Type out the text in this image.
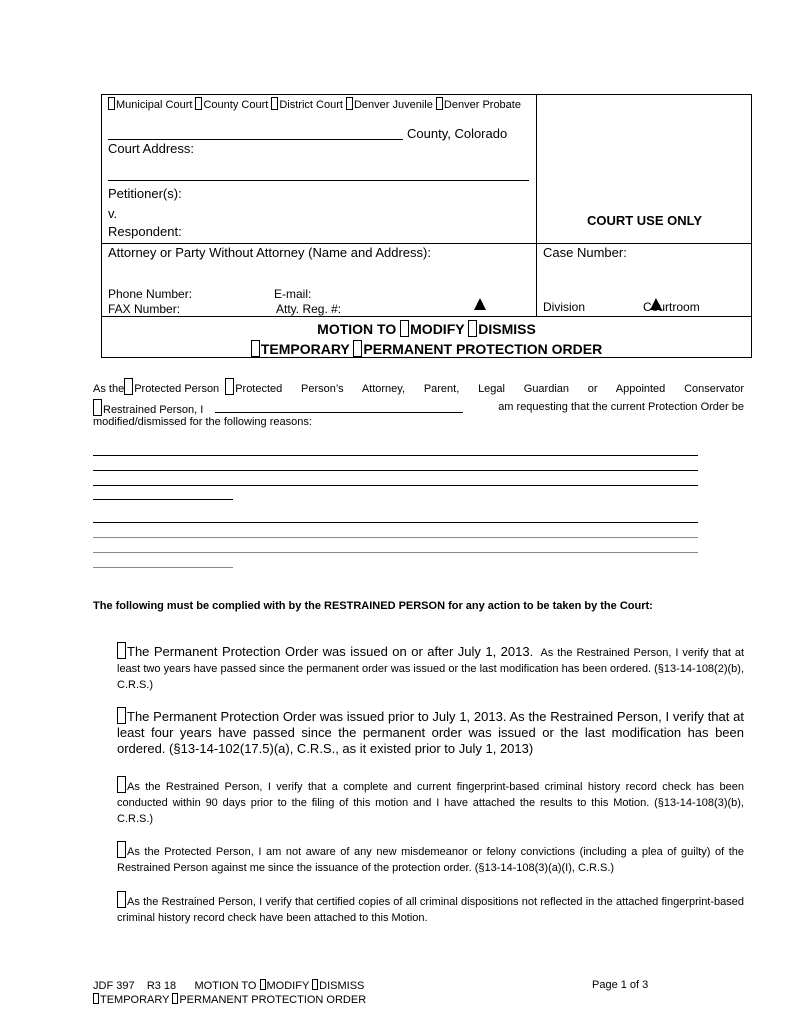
Municipal Court County Court District Court Denver Juvenile Denver Probate
County, Colorado
Court Address:
Petitioner(s):
v.
Respondent:
COURT USE ONLY
Attorney or Party Without Attorney (Name and Address):	Case Number:
Phone Number:	E-mail:
FAX Number:	Atty. Reg. #:	Division	Courtroom
MOTION TO MODIFY DISMISS
TEMPORARY PERMANENT PROTECTION ORDER
As the Protected Person	Protected Person’s Attorney, Parent, Legal Guardian or Appointed Conservator
Restrained Person, I	am requesting that the current Protection Order be
modified/dismissed for the following reasons:
The following must be complied with by the RESTRAINED PERSON for any action to be taken by the Court:
The Permanent Protection Order was issued on or after July 1, 2013. As the Restrained Person, I verify that at least two years have passed since the permanent order was issued or the last modification has been ordered. (§13-14-108(2)(b), C.R.S.)
The Permanent Protection Order was issued prior to July 1, 2013. As the Restrained Person, I verify that at least four years have passed since the permanent order was issued or the last modification has been ordered. (§13-14-102(17.5)(a), C.R.S., as it existed prior to July 1, 2013)
As the Restrained Person, I verify that a complete and current fingerprint-based criminal history record check has been conducted within 90 days prior to the filing of this motion and I have attached the results to this Motion. (§13-14-108(3)(b), C.R.S.)
As the Protected Person, I am not aware of any new misdemeanor or felony convictions (including a plea of guilty) of the Restrained Person against me since the issuance of the protection order. (§13-14-108(3)(a)(I), C.R.S.)
As the Restrained Person, I verify that certified copies of all criminal dispositions not reflected in the attached fingerprint-based criminal history record check have been attached to this Motion.
JDF 397 R3 18 MOTION TO MODIFY DISMISS	Page 1 of 3
TEMPORARY PERMANENT PROTECTION ORDER
